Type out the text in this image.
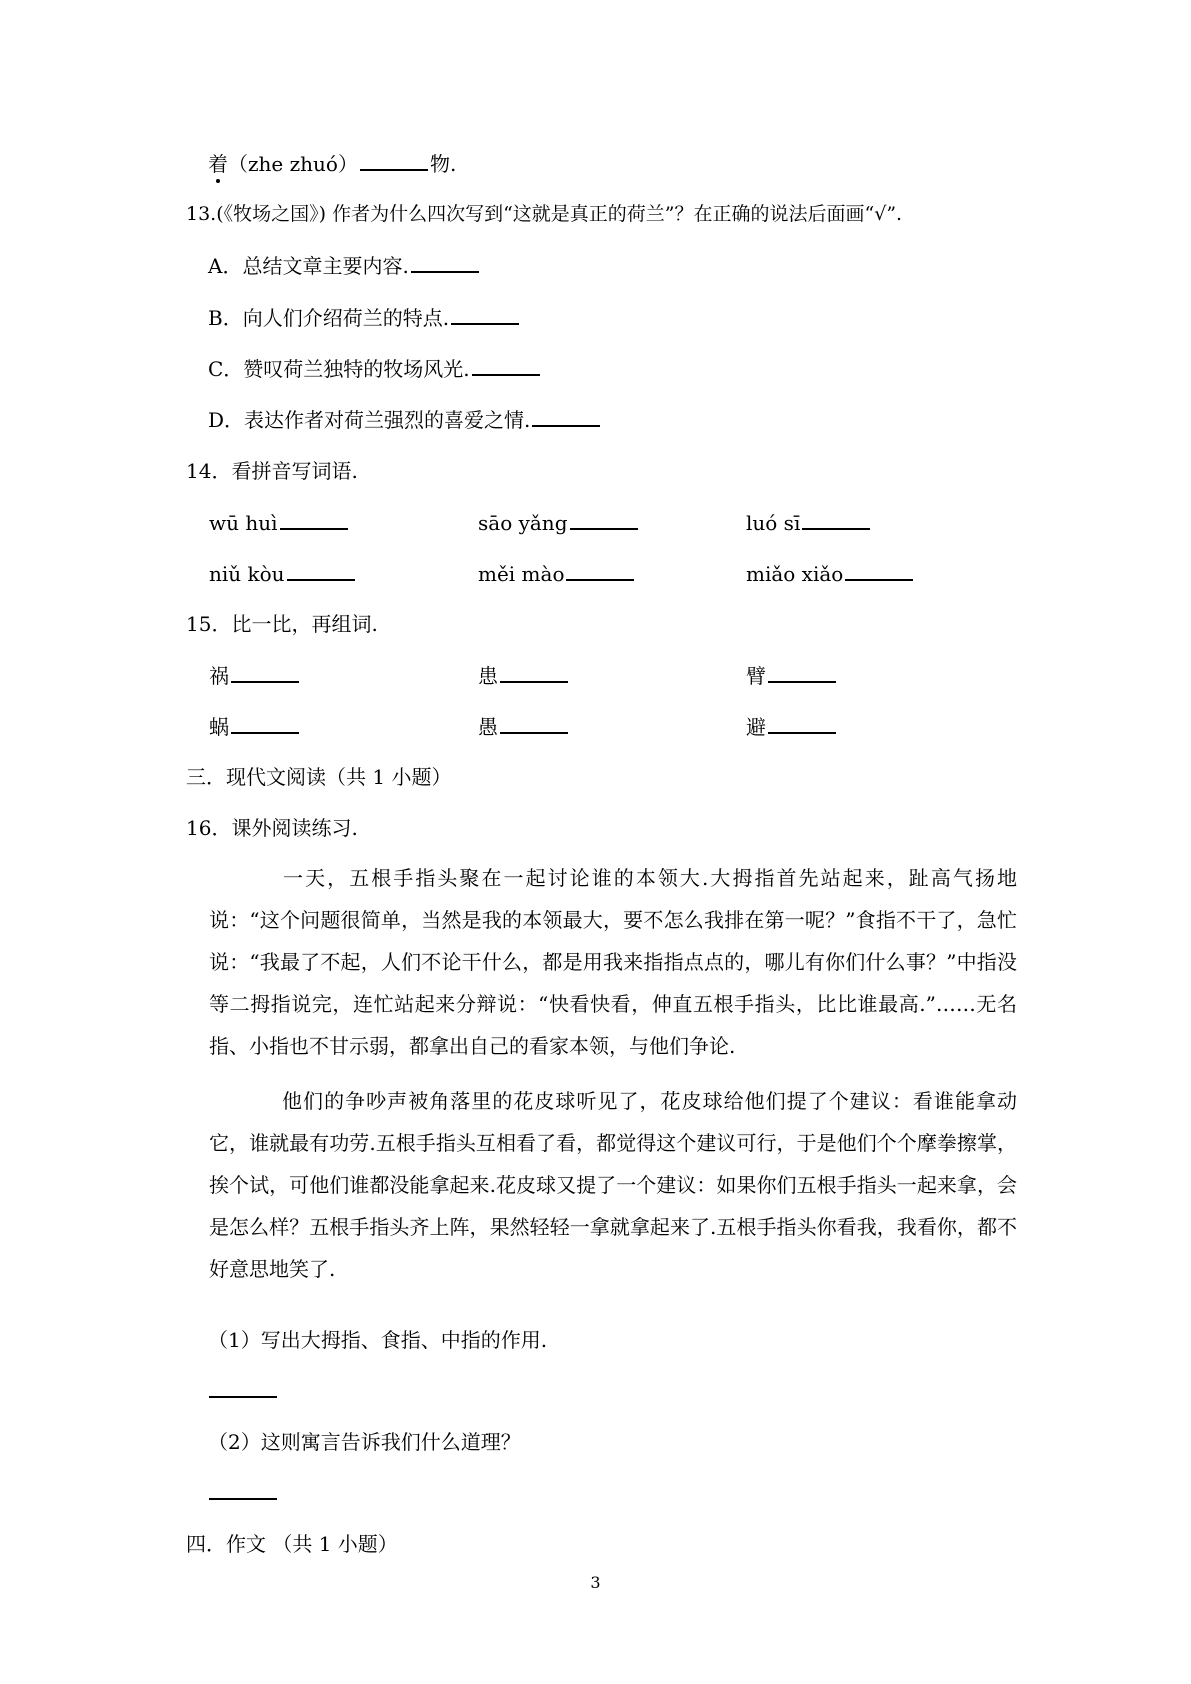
着（zhe zhuó）	物.
13.(《牧场之国》) 作者为什么四次写到“这就是真正的荷兰”？在正确的说法后面画“√”.
A．总结文章主要内容.
B．向人们介绍荷兰的特点.
C．赞叹荷兰独特的牧场风光.
D．表达作者对荷兰强烈的喜爱之情.
14．看拼音写词语.
wū huì	sāo yǎng	luó sī
niǔ kòu	měi mào	miǎo xiǎo
15．比一比，再组词.
祸	患	臂
蜗	愚	避
三．现代文阅读（共 1 小题）
16．课外阅读练习.
一天，五根手指头聚在一起讨论谁的本领大.大拇指首先站起来，趾高气扬地说：“这个问题很简单，当然是我的本领最大，要不怎么我排在第一呢？”食指不干了，急忙说：“我最了不起，人们不论干什么，都是用我来指指点点的，哪儿有你们什么事？”中指没等二拇指说完，连忙站起来分辩说：“快看快看，伸直五根手指头，比比谁最高.”……无名指、小指也不甘示弱，都拿出自己的看家本领，与他们争论.
他们的争吵声被角落里的花皮球听见了，花皮球给他们提了个建议：看谁能拿动它，谁就最有功劳.五根手指头互相看了看，都觉得这个建议可行，于是他们个个摩拳擦掌，挨个试，可他们谁都没能拿起来.花皮球又提了一个建议：如果你们五根手指头一起来拿，会是怎么样？五根手指头齐上阵，果然轻轻一拿就拿起来了.五根手指头你看我，我看你，都不好意思地笑了.
（1）写出大拇指、食指、中指的作用.
（2）这则寓言告诉我们什么道理？
四．作文 （共 1 小题）
3
